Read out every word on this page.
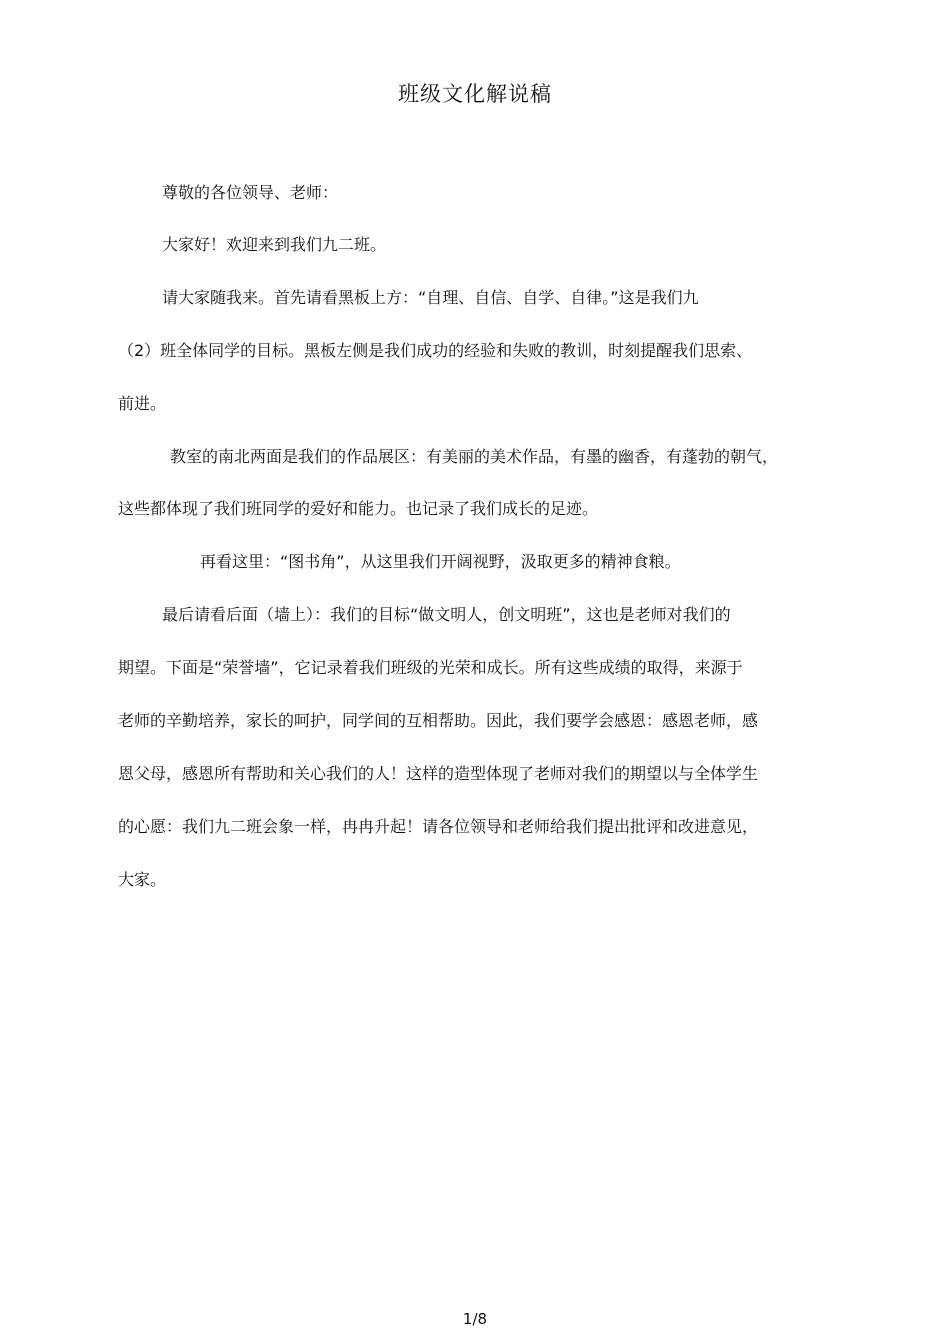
班级文化解说稿
尊敬的各位领导、老师：
大家好！欢迎来到我们九二班。
请大家随我来。首先请看黑板上方：“自理、自信、自学、自律。”这是我们九
（2）班全体同学的目标。黑板左侧是我们成功的经验和失败的教训，时刻提醒我们思索、
前进。
教室的南北两面是我们的作品展区：有美丽的美术作品，有墨的幽香，有蓬勃的朝气，
这些都体现了我们班同学的爱好和能力。也记录了我们成长的足迹。
再看这里：“图书角”，从这里我们开阔视野，汲取更多的精神食粮。
最后请看后面（墙上）：我们的目标“做文明人，创文明班”，这也是老师对我们的
期望。下面是“荣誉墙”，它记录着我们班级的光荣和成长。所有这些成绩的取得，来源于
老师的辛勤培养，家长的呵护，同学间的互相帮助。因此，我们要学会感恩：感恩老师，感
恩父母，感恩所有帮助和关心我们的人！这样的造型体现了老师对我们的期望以与全体学生
的心愿：我们九二班会象一样，冉冉升起！请各位领导和老师给我们提出批评和改进意见，
大家。
1/8
